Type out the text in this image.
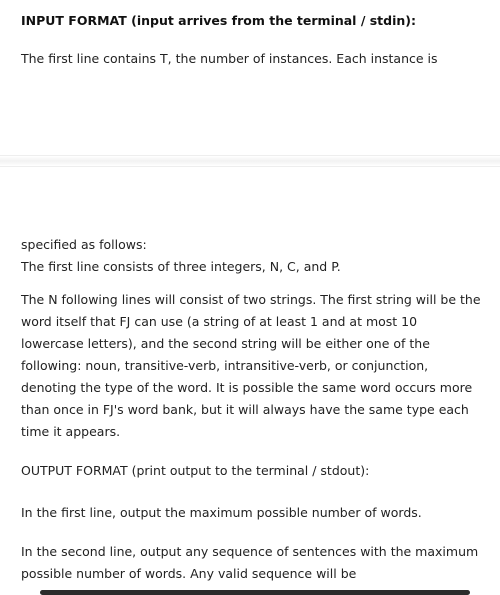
INPUT FORMAT (input arrives from the terminal / stdin):

The first line contains T, the number of instances. Each instance is

specified as follows:
The first line consists of three integers, N, C, and P.

The N following lines will consist of two strings. The first string will be the word itself that FJ can use (a string of at least 1 and at most 10 lowercase letters), and the second string will be either one of the following: noun, transitive-verb, intransitive-verb, or conjunction, denoting the type of the word. It is possible the same word occurs more than once in FJ's word bank, but it will always have the same type each time it appears.

OUTPUT FORMAT (print output to the terminal / stdout):

In the first line, output the maximum possible number of words.

In the second line, output any sequence of sentences with the maximum possible number of words. Any valid sequence will be
